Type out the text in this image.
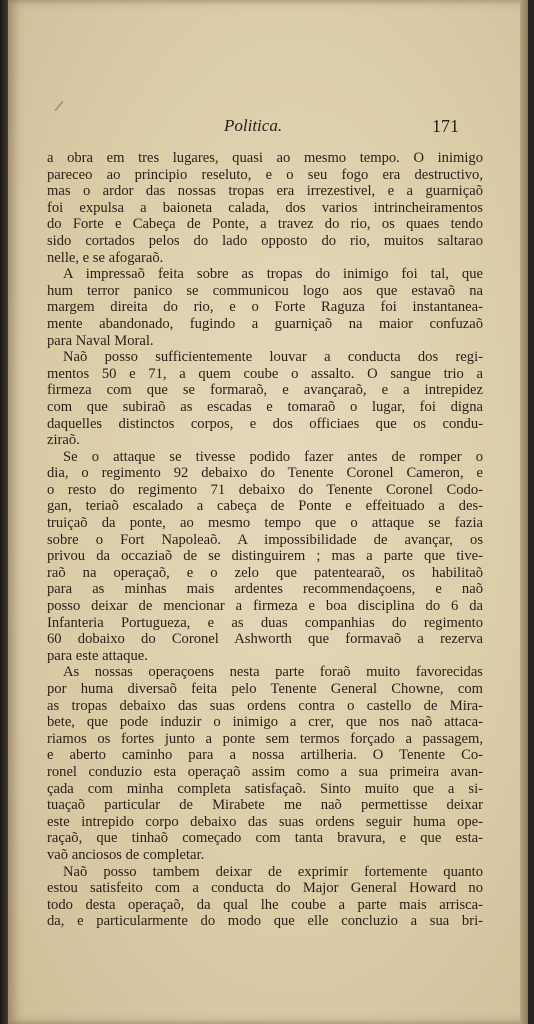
Politica.	171
a obra em tres lugares, quasi ao mesmo tempo. O inimigo
pareceo ao principio reseluto, e o seu fogo era destructivo,
mas o ardor das nossas tropas era irrezestivel, e a guarniçaõ
foi expulsa a baioneta calada, dos varios intrincheiramentos
do Forte e Cabeça de Ponte, a travez do rio, os quaes tendo
sido cortados pelos do lado opposto do rio, muitos saltarao
nelle, e se afogaraõ.
A impressaõ feita sobre as tropas do inimigo foi tal, que
hum terror panico se communicou logo aos que estavaõ na
margem direita do rio, e o Forte Raguza foi instantanea-
mente abandonado, fugindo a guarniçaõ na maior confuzaõ
para Naval Moral.
Naõ posso sufficientemente louvar a conducta dos regi-
mentos 50 e 71, a quem coube o assalto. O sangue trio a
firmeza com que se formaraõ, e avançaraõ, e a intrepidez
com que subiraõ as escadas e tomaraõ o lugar, foi digna
daquelles distinctos corpos, e dos officiaes que os condu-
ziraõ.
Se o attaque se tivesse podido fazer antes de romper o
dia, o regimento 92 debaixo do Tenente Coronel Cameron, e
o resto do regimento 71 debaixo do Tenente Coronel Codo-
gan, teriaõ escalado a cabeça de Ponte e effeituado a des-
truiçaõ da ponte, ao mesmo tempo que o attaque se fazia
sobre o Fort Napoleaõ. A impossibilidade de avançar, os
privou da occaziaõ de se distinguirem ; mas a parte que tive-
raõ na operaçaõ, e o zelo que patentearaõ, os habilitaõ
para as minhas mais ardentes recommendaçoens, e naõ
posso deixar de mencionar a firmeza e boa disciplina do 6 da
Infanteria Portugueza, e as duas companhias do regimento
60 dobaixo do Coronel Ashworth que formavaõ a rezerva
para este attaque.
As nossas operaçoens nesta parte foraõ muito favorecidas
por huma diversaõ feita pelo Tenente General Chowne, com
as tropas debaixo das suas ordens contra o castello de Mira-
bete, que pode induzir o inimigo a crer, que nos naõ attaca-
riamos os fortes junto a ponte sem termos forçado a passagem,
e aberto caminho para a nossa artilheria. O Tenente Co-
ronel conduzio esta operaçaõ assim como a sua primeira avan-
çada com minha completa satisfaçaõ. Sinto muito que a si-
tuaçaõ particular de Mirabete me naõ permettisse deixar
este intrepido corpo debaixo das suas ordens seguir huma ope-
raçaõ, que tinhaõ começado com tanta bravura, e que esta-
vaõ anciosos de completar.
Naõ posso tambem deixar de exprimir fortemente quanto
estou satisfeito com a conducta do Major General Howard no
todo desta operaçaõ, da qual lhe coube a parte mais arrisca-
da, e particularmente do modo que elle concluzio a sua bri-
